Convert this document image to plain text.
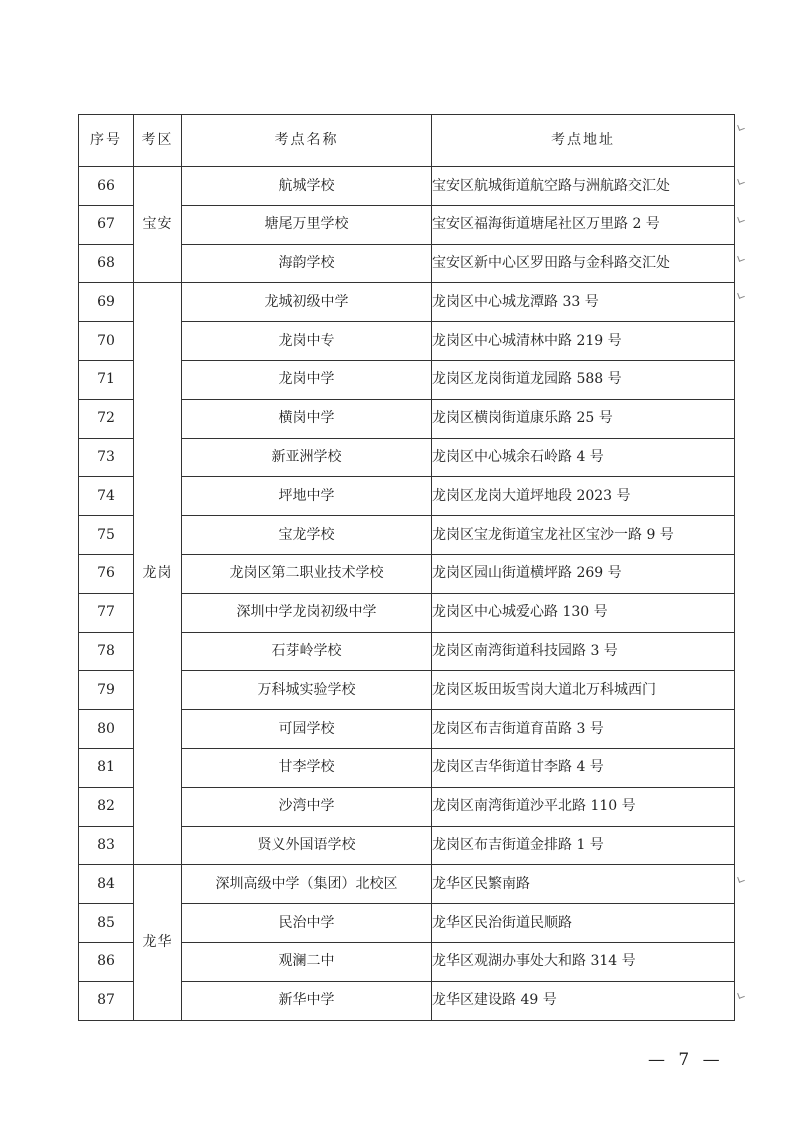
序号	考区	考点名称	考点地址
66	宝安	航城学校	宝安区航城街道航空路与洲航路交汇处
67		塘尾万里学校	宝安区福海街道塘尾社区万里路 2 号
68		海韵学校	宝安区新中心区罗田路与金科路交汇处
69	龙岗	龙城初级中学	龙岗区中心城龙潭路 33 号
70		龙岗中专	龙岗区中心城清林中路 219 号
71		龙岗中学	龙岗区龙岗街道龙园路 588 号
72		横岗中学	龙岗区横岗街道康乐路 25 号
73		新亚洲学校	龙岗区中心城余石岭路 4 号
74		坪地中学	龙岗区龙岗大道坪地段 2023 号
75		宝龙学校	龙岗区宝龙街道宝龙社区宝沙一路 9 号
76		龙岗区第二职业技术学校	龙岗区园山街道横坪路 269 号
77		深圳中学龙岗初级中学	龙岗区中心城爱心路 130 号
78		石芽岭学校	龙岗区南湾街道科技园路 3 号
79		万科城实验学校	龙岗区坂田坂雪岗大道北万科城西门
80		可园学校	龙岗区布吉街道育苗路 3 号
81		甘李学校	龙岗区吉华街道甘李路 4 号
82		沙湾中学	龙岗区南湾街道沙平北路 110 号
83		贤义外国语学校	龙岗区布吉街道金排路 1 号
84	龙华	深圳高级中学（集团）北校区	龙华区民繁南路
85		民治中学	龙华区民治街道民顺路
86		观澜二中	龙华区观湖办事处大和路 314 号
87		新华中学	龙华区建设路 49 号
— 7 —
